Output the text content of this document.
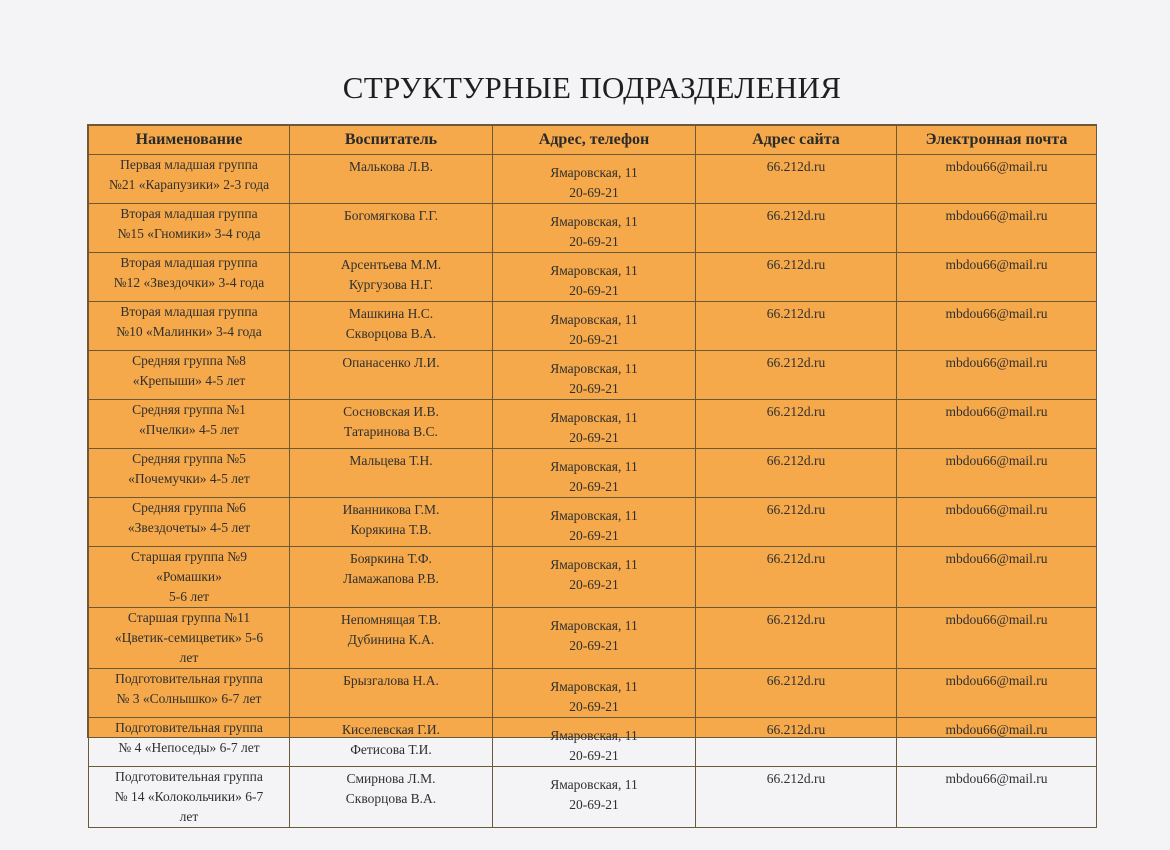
СТРУКТУРНЫЕ ПОДРАЗДЕЛЕНИЯ
Наименование	Воспитатель	Адрес, телефон	Адрес сайта	Электронная почта

Первая младшая группа
№21 «Карапузики» 2-3 года	Малькова Л.В.	Ямаровская, 11
20-69-21	66.212d.ru	mbdou66@mail.ru

Вторая младшая группа
№15 «Гномики» 3-4 года	Богомягкова Г.Г.	Ямаровская, 11
20-69-21	66.212d.ru	mbdou66@mail.ru

Вторая младшая группа
№12 «Звездочки» 3-4 года	Арсентьева М.М.
Кургузова Н.Г.	Ямаровская, 11
20-69-21	66.212d.ru	mbdou66@mail.ru

Вторая младшая группа
№10 «Малинки» 3-4 года	Машкина Н.С.
Скворцова В.А.	Ямаровская, 11
20-69-21	66.212d.ru	mbdou66@mail.ru

Средняя группа №8
«Крепыши» 4-5 лет	Опанасенко Л.И.	Ямаровская, 11
20-69-21	66.212d.ru	mbdou66@mail.ru

Средняя группа №1
«Пчелки» 4-5 лет	Сосновская И.В.
Татаринова В.С.	Ямаровская, 11
20-69-21	66.212d.ru	mbdou66@mail.ru

Средняя группа №5
«Почемучки» 4-5 лет	Мальцева Т.Н.	Ямаровская, 11
20-69-21	66.212d.ru	mbdou66@mail.ru

Средняя группа №6
«Звездочеты» 4-5 лет	Иванникова Г.М.
Корякина Т.В.	Ямаровская, 11
20-69-21	66.212d.ru	mbdou66@mail.ru

Старшая группа №9
«Ромашки»
5-6 лет	Бояркина Т.Ф.
Ламажапова Р.В.	Ямаровская, 11
20-69-21	66.212d.ru	mbdou66@mail.ru

Старшая группа №11
«Цветик-семицветик» 5-6
лет	Непомнящая Т.В.
Дубинина К.А.	Ямаровская, 11
20-69-21	66.212d.ru	mbdou66@mail.ru

Подготовительная группа
№ 3 «Солнышко» 6-7 лет	Брызгалова Н.А.	Ямаровская, 11
20-69-21	66.212d.ru	mbdou66@mail.ru

Подготовительная группа
№ 4 «Непоседы» 6-7 лет	Киселевская Г.И.
Фетисова Т.И.	Ямаровская, 11
20-69-21	66.212d.ru	mbdou66@mail.ru

Подготовительная группа
№ 14 «Колокольчики» 6-7
лет	Смирнова Л.М.
Скворцова В.А.	Ямаровская, 11
20-69-21	66.212d.ru	mbdou66@mail.ru
